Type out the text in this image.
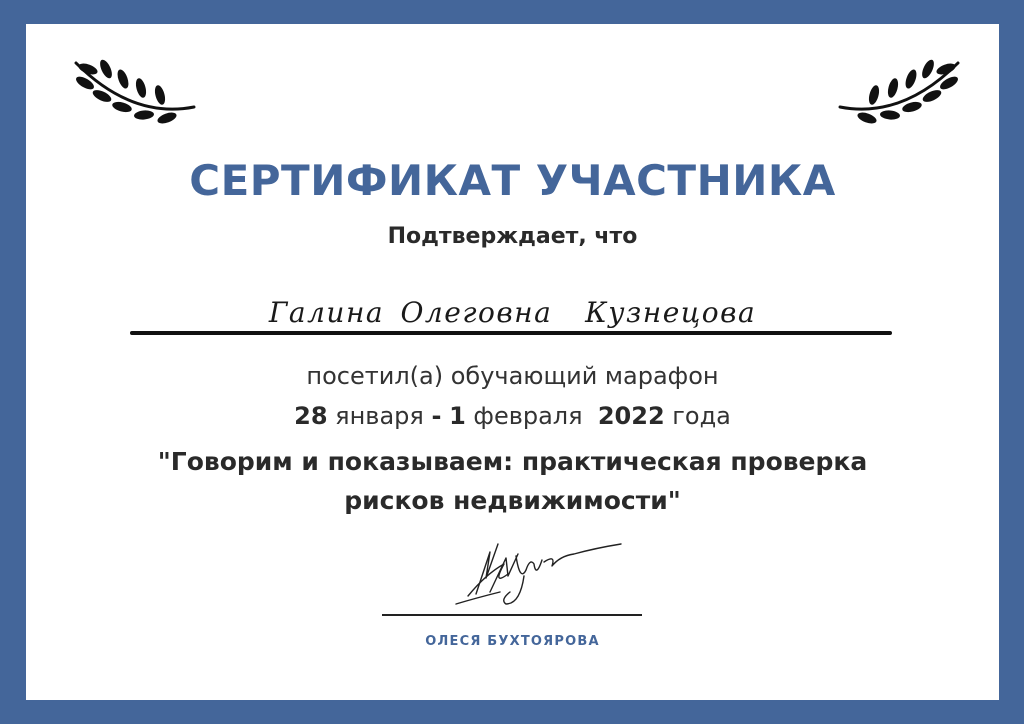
СЕРТИФИКАТ УЧАСТНИКА
Подтверждает, что
Галина Олеговна  Кузнецова
посетил(а) обучающий марафон
28 января - 1 февраля 2022 года
"Говорим и показываем: практическая проверка
рисков недвижимости"
ОЛЕСЯ БУХТОЯРОВА
